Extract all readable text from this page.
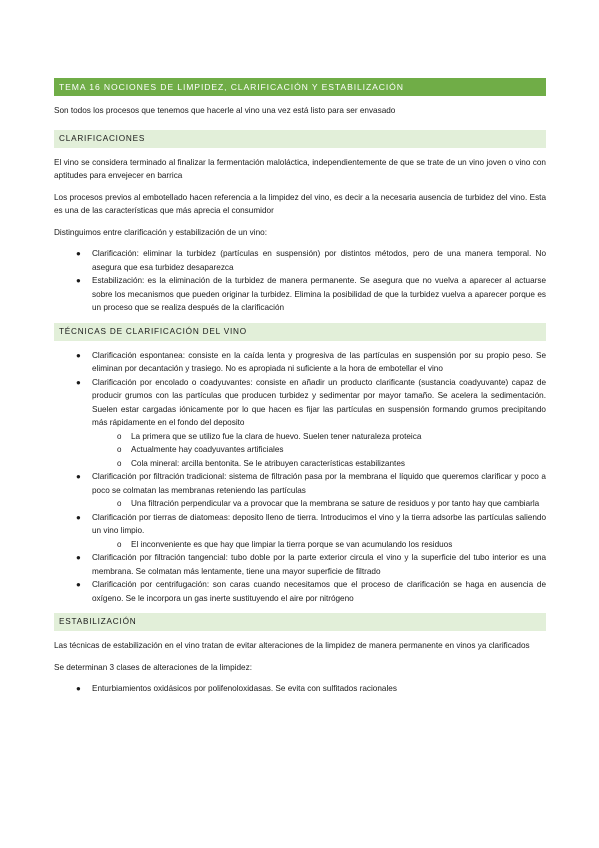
TEMA 16 NOCIONES DE LIMPIDEZ, CLARIFICACIÓN Y ESTABILIZACIÓN

Son todos los procesos que tenemos que hacerle al vino una vez está listo para ser envasado

CLARIFICACIONES

El vino se considera terminado al finalizar la fermentación maloláctica, independientemente de que se trate de un vino joven o vino con aptitudes para envejecer en barrica

Los procesos previos al embotellado hacen referencia a la limpidez del vino, es decir a la necesaria ausencia de turbidez del vino. Esta es una de las características que más aprecia el consumidor

Distinguimos entre clarificación y estabilización de un vino:

● Clarificación: eliminar la turbidez (partículas en suspensión) por distintos métodos, pero de una manera temporal. No asegura que esa turbidez desaparezca
● Estabilización: es la eliminación de la turbidez de manera permanente. Se asegura que no vuelva a aparecer al actuarse sobre los mecanismos que pueden originar la turbidez. Elimina la posibilidad de que la turbidez vuelva a aparecer porque es un proceso que se realiza después de la clarificación
TÉCNICAS DE CLARIFICACIÓN DEL VINO
● Clarificación espontanea: consiste en la caída lenta y progresiva de las partículas en suspensión por su propio peso. Se eliminan por decantación y trasiego. No es apropiada ni suficiente a la hora de embotellar el vino
● Clarificación por encolado o coadyuvantes: consiste en añadir un producto clarificante (sustancia coadyuvante) capaz de producir grumos con las partículas que producen turbidez y sedimentar por mayor tamaño. Se acelera la sedimentación. Suelen estar cargadas iónicamente por lo que hacen es fijar las partículas en suspensión formando grumos precipitando más rápidamente en el fondo del deposito
o La primera que se utilizo fue la clara de huevo. Suelen tener naturaleza proteica
o Actualmente hay coadyuvantes artificiales
o Cola mineral: arcilla bentonita. Se le atribuyen características estabilizantes
● Clarificación por filtración tradicional: sistema de filtración pasa por la membrana el líquido que queremos clarificar y poco a poco se colmatan las membranas reteniendo las partículas
o Una filtración perpendicular va a provocar que la membrana se sature de residuos y por tanto hay que cambiarla
● Clarificación por tierras de diatomeas: deposito lleno de tierra. Introducimos el vino y la tierra adsorbe las partículas saliendo un vino limpio.
o El inconveniente es que hay que limpiar la tierra porque se van acumulando los residuos
● Clarificación por filtración tangencial: tubo doble por la parte exterior circula el vino y la superficie del tubo interior es una membrana. Se colmatan más lentamente, tiene una mayor superficie de filtrado
● Clarificación por centrifugación: son caras cuando necesitamos que el proceso de clarificación se haga en ausencia de oxígeno. Se le incorpora un gas inerte sustituyendo el aire por nitrógeno
ESTABILIZACIÓN

Las técnicas de estabilización en el vino tratan de evitar alteraciones de la limpidez de manera permanente en vinos ya clarificados

Se determinan 3 clases de alteraciones de la limpidez:

● Enturbiamientos oxidásicos por polifenoloxidasas. Se evita con sulfitados racionales
